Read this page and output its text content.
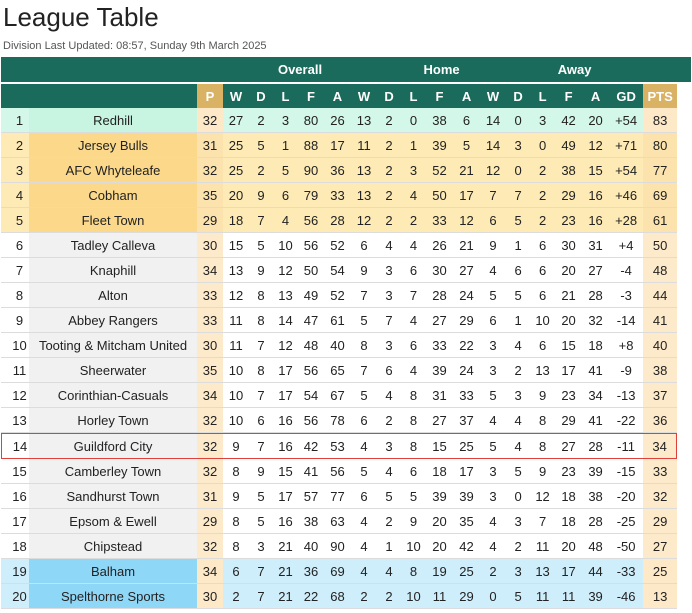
League Table
Division Last Updated: 08:57, Sunday 9th March 2025
			Overall						Home					Away					
		P	W	D	L	F	A	W	D	L	F	A	W	D	L	F	A	GD	PTS
1	Redhill	32	27	2	3	80	26	13	2	0	38	6	14	0	3	42	20	+54	83
2	Jersey Bulls	31	25	5	1	88	17	11	2	1	39	5	14	3	0	49	12	+71	80
3	AFC Whyteleafe	32	25	2	5	90	36	13	2	3	52	21	12	0	2	38	15	+54	77
4	Cobham	35	20	9	6	79	33	13	2	4	50	17	7	7	2	29	16	+46	69
5	Fleet Town	29	18	7	4	56	28	12	2	2	33	12	6	5	2	23	16	+28	61
6	Tadley Calleva	30	15	5	10	56	52	6	4	4	26	21	9	1	6	30	31	+4	50
7	Knaphill	34	13	9	12	50	54	9	3	6	30	27	4	6	6	20	27	-4	48
8	Alton	33	12	8	13	49	52	7	3	7	28	24	5	5	6	21	28	-3	44
9	Abbey Rangers	33	11	8	14	47	61	5	7	4	27	29	6	1	10	20	32	-14	41
10	Tooting & Mitcham United	30	11	7	12	48	40	8	3	6	33	22	3	4	6	15	18	+8	40
11	Sheerwater	35	10	8	17	56	65	7	6	4	39	24	3	2	13	17	41	-9	38
12	Corinthian-Casuals	34	10	7	17	54	67	5	4	8	31	33	5	3	9	23	34	-13	37
13	Horley Town	32	10	6	16	56	78	6	2	8	27	37	4	4	8	29	41	-22	36
14	Guildford City	32	9	7	16	42	53	4	3	8	15	25	5	4	8	27	28	-11	34
15	Camberley Town	32	8	9	15	41	56	5	4	6	18	17	3	5	9	23	39	-15	33
16	Sandhurst Town	31	9	5	17	57	77	6	5	5	39	39	3	0	12	18	38	-20	32
17	Epsom & Ewell	29	8	5	16	38	63	4	2	9	20	35	4	3	7	18	28	-25	29
18	Chipstead	32	8	3	21	40	90	4	1	10	20	42	4	2	11	20	48	-50	27
19	Balham	34	6	7	21	36	69	4	4	8	19	25	2	3	13	17	44	-33	25
20	Spelthorne Sports	30	2	7	21	22	68	2	2	10	11	29	0	5	11	11	39	-46	13
